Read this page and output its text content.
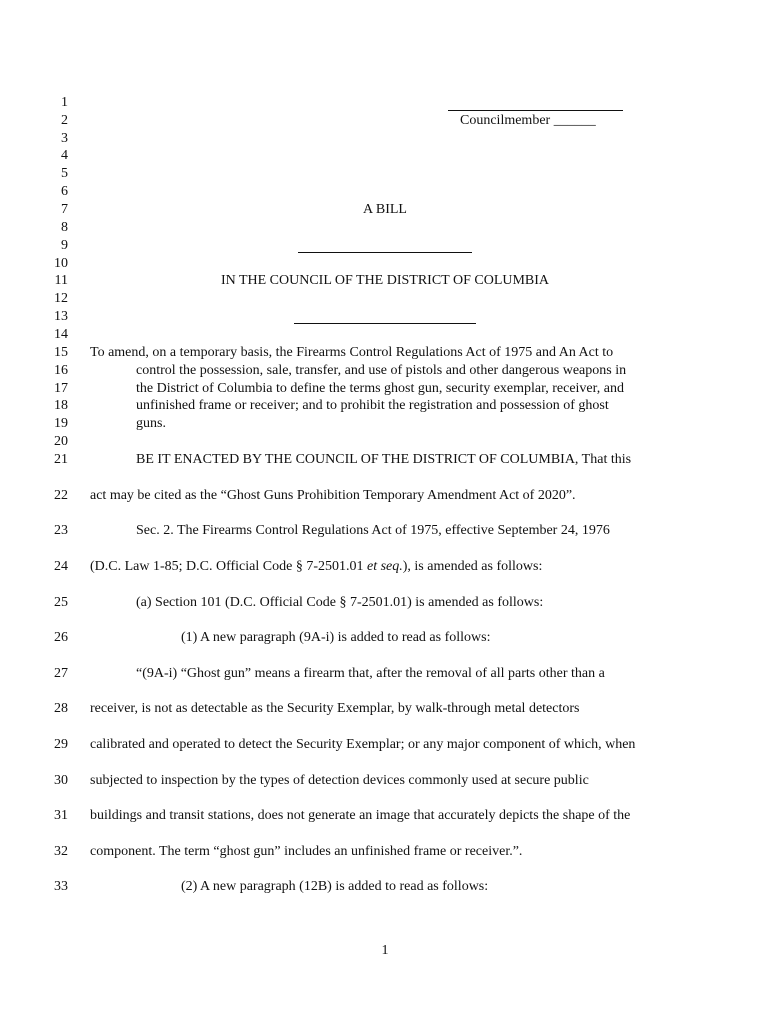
1
2
3
4
5
6
7
8
9
10
11
12
13
14
15
16
17
18
19
20
21
22
23
24
25
26
27
28
29
30
31
32
33
Councilmember ______
A BILL
IN THE COUNCIL OF THE DISTRICT OF COLUMBIA
To amend, on a temporary basis, the Firearms Control Regulations Act of 1975 and An Act to
control the possession, sale, transfer, and use of pistols and other dangerous weapons in
the District of Columbia to define the terms ghost gun, security exemplar, receiver, and
unfinished frame or receiver; and to prohibit the registration and possession of ghost
guns.
BE IT ENACTED BY THE COUNCIL OF THE DISTRICT OF COLUMBIA, That this
act may be cited as the “Ghost Guns Prohibition Temporary Amendment Act of 2020”.
Sec. 2. The Firearms Control Regulations Act of 1975, effective September 24, 1976
(D.C. Law 1-85; D.C. Official Code § 7-2501.01 et seq.), is amended as follows:
(a) Section 101 (D.C. Official Code § 7-2501.01) is amended as follows:
(1) A new paragraph (9A-i) is added to read as follows:
“(9A-i) “Ghost gun” means a firearm that, after the removal of all parts other than a
receiver, is not as detectable as the Security Exemplar, by walk-through metal detectors
calibrated and operated to detect the Security Exemplar; or any major component of which, when
subjected to inspection by the types of detection devices commonly used at secure public
buildings and transit stations, does not generate an image that accurately depicts the shape of the
component. The term “ghost gun” includes an unfinished frame or receiver.”.
(2) A new paragraph (12B) is added to read as follows:
1
